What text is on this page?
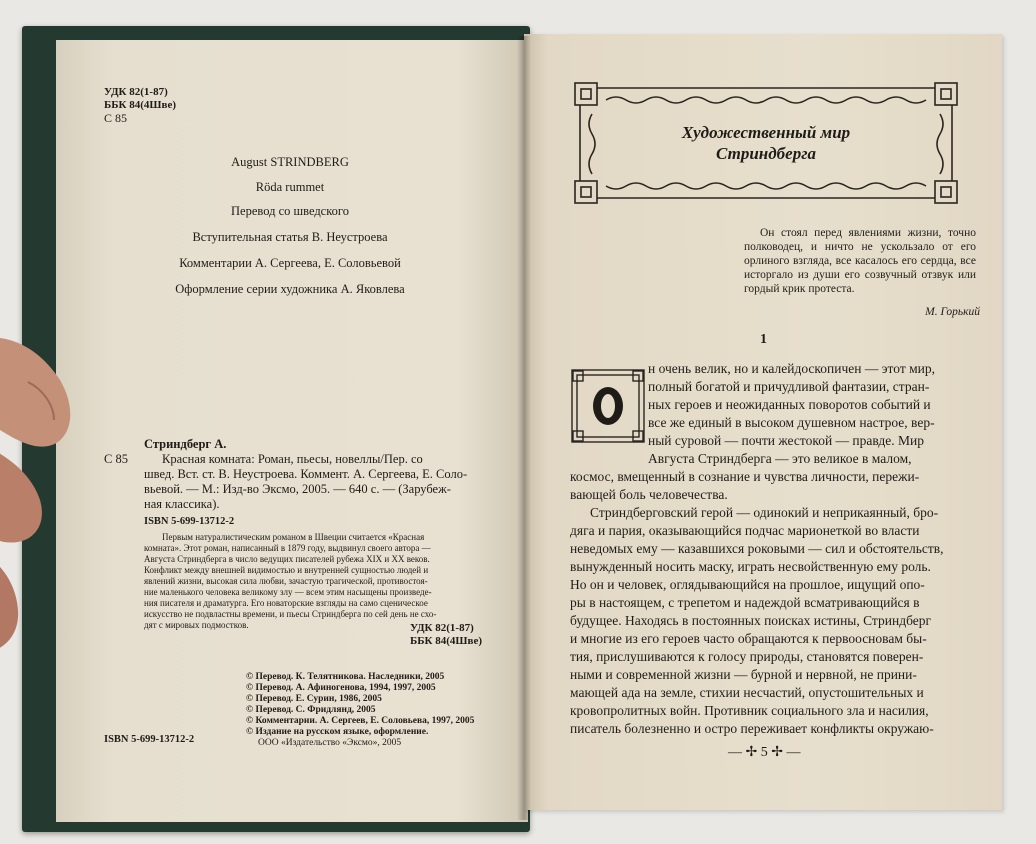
УДК 82(1-87)
ББК 84(4Шве)
С 85
August STRINDBERG
Röda rummet
Перевод со шведского
Вступительная статья В. Неустроева
Комментарии А. Сергеева, Е. Соловьевой
Оформление серии художника А. Яковлева
С 85
Стриндберг А.
Красная комната: Роман, пьесы, новеллы/Пер. со
швед. Вст. ст. В. Неустроева. Коммент. А. Сергеева, Е. Соло-
вьевой. — М.: Изд-во Эксмо, 2005. — 640 с. — (Зарубеж-
ная классика).
ISBN 5-699-13712-2
Первым натуралистическим романом в Швеции считается «Красная
комната». Этот роман, написанный в 1879 году, выдвинул своего автора —
Августа Стриндберга в число ведущих писателей рубежа XIX и XX веков.
Конфликт между внешней видимостью и внутренней сущностью людей и
явлений жизни, высокая сила любви, зачастую трагической, противостоя-
ние маленького человека великому злу — всем этим насыщены произведе-
ния писателя и драматурга. Его новаторские взгляды на само сценическое
искусство не подвластны времени, и пьесы Стриндберга по сей день не схо-
дят с мировых подмостков.	УДК 82(1-87)
ББК 84(4Шве)
© Перевод. К. Телятникова. Наследники, 2005
© Перевод. А. Афиногенова, 1994, 1997, 2005
© Перевод. Е. Сурин, 1986, 2005
© Перевод. С. Фридлянд, 2005
© Комментарии. А. Сергеев, Е. Соловьева, 1997, 2005
© Издание на русском языке, оформление.
ООО «Издательство «Эксмо», 2005
ISBN 5-699-13712-2
Художественный мир
Стриндберга
Он стоял перед явлениями жизни, точно полководец, и ничто не ускользало от его орлиного взгляда, все касалось его сердца, все исторгало из души его созвучный отзвук или гордый крик протеста.
М. Горький
1
н очень велик, но и калейдоскопичен — этот мир,
полный богатой и причудливой фантазии, стран-
ных героев и неожиданных поворотов событий и
все же единый в высоком душевном настрое, вер-
ный суровой — почти жестокой — правде. Мир
Августа Стриндберга — это великое в малом,
космос, вмещенный в сознание и чувства личности, пережи-
вающей боль человечества.
Стриндберговский герой — одинокий и неприкаянный, бро-
дяга и пария, оказывающийся подчас марионеткой во власти
неведомых ему — казавшихся роковыми — сил и обстоятельств,
вынужденный носить маску, играть несвойственную ему роль.
Но он и человек, оглядывающийся на прошлое, ищущий опо-
ры в настоящем, с трепетом и надеждой всматривающийся в
будущее. Находясь в постоянных поисках истины, Стриндберг
и многие из его героев часто обращаются к первоосновам бы-
тия, прислушиваются к голосу природы, становятся поверен-
ными и современной жизни — бурной и нервной, не прини-
мающей ада на земле, стихии несчастий, опустошительных и
кровопролитных войн. Противник социального зла и насилия,
писатель болезненно и остро переживает конфликты окружаю-
— ✢ 5 ✢ —
